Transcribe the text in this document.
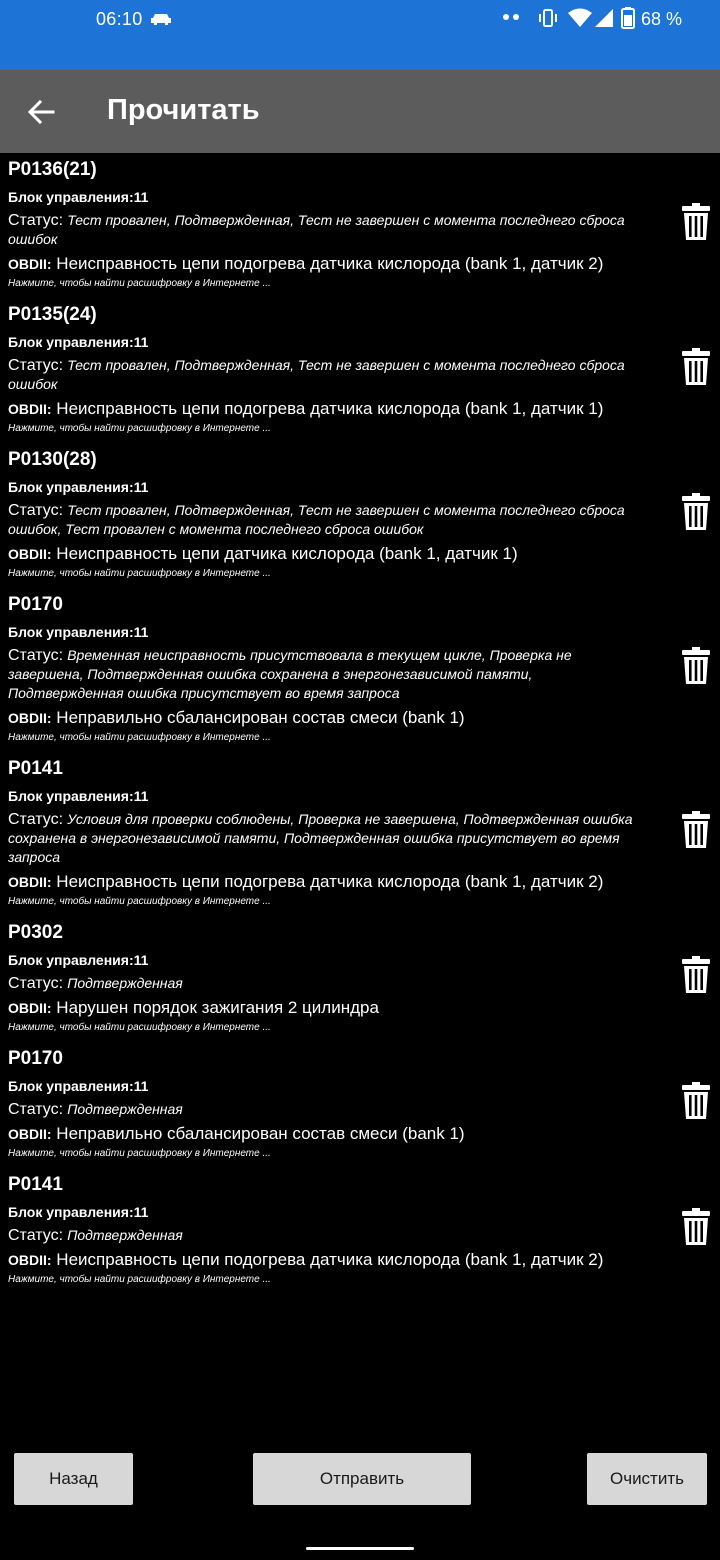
06:10	68 %
Прочитать
P0136(21)
Блок управления:11
Статус: Тест провален, Подтвержденная, Тест не завершен с момента последнего сброса ошибок
OBDII: Неисправность цепи подогрева датчика кислорода (bank 1, датчик 2)
Нажмите, чтобы найти расшифровку в Интернете ...
P0135(24)
Блок управления:11
Статус: Тест провален, Подтвержденная, Тест не завершен с момента последнего сброса ошибок
OBDII: Неисправность цепи подогрева датчика кислорода (bank 1, датчик 1)
Нажмите, чтобы найти расшифровку в Интернете ...
P0130(28)
Блок управления:11
Статус: Тест провален, Подтвержденная, Тест не завершен с момента последнего сброса ошибок, Тест провален с момента последнего сброса ошибок
OBDII: Неисправность цепи датчика кислорода (bank 1, датчик 1)
Нажмите, чтобы найти расшифровку в Интернете ...
P0170
Блок управления:11
Статус: Временная неисправность присутствовала в текущем цикле, Проверка не завершена, Подтвержденная ошибка сохранена в энергонезависимой памяти, Подтвержденная ошибка присутствует во время запроса
OBDII: Неправильно сбалансирован состав смеси (bank 1)
Нажмите, чтобы найти расшифровку в Интернете ...
P0141
Блок управления:11
Статус: Условия для проверки соблюдены, Проверка не завершена, Подтвержденная ошибка сохранена в энергонезависимой памяти, Подтвержденная ошибка присутствует во время запроса
OBDII: Неисправность цепи подогрева датчика кислорода (bank 1, датчик 2)
Нажмите, чтобы найти расшифровку в Интернете ...
P0302
Блок управления:11
Статус: Подтвержденная
OBDII: Нарушен порядок зажигания 2 цилиндра
Нажмите, чтобы найти расшифровку в Интернете ...
P0170
Блок управления:11
Статус: Подтвержденная
OBDII: Неправильно сбалансирован состав смеси (bank 1)
Нажмите, чтобы найти расшифровку в Интернете ...
P0141
Блок управления:11
Статус: Подтвержденная
OBDII: Неисправность цепи подогрева датчика кислорода (bank 1, датчик 2)
Нажмите, чтобы найти расшифровку в Интернете ...
Назад	Отправить	Очистить
